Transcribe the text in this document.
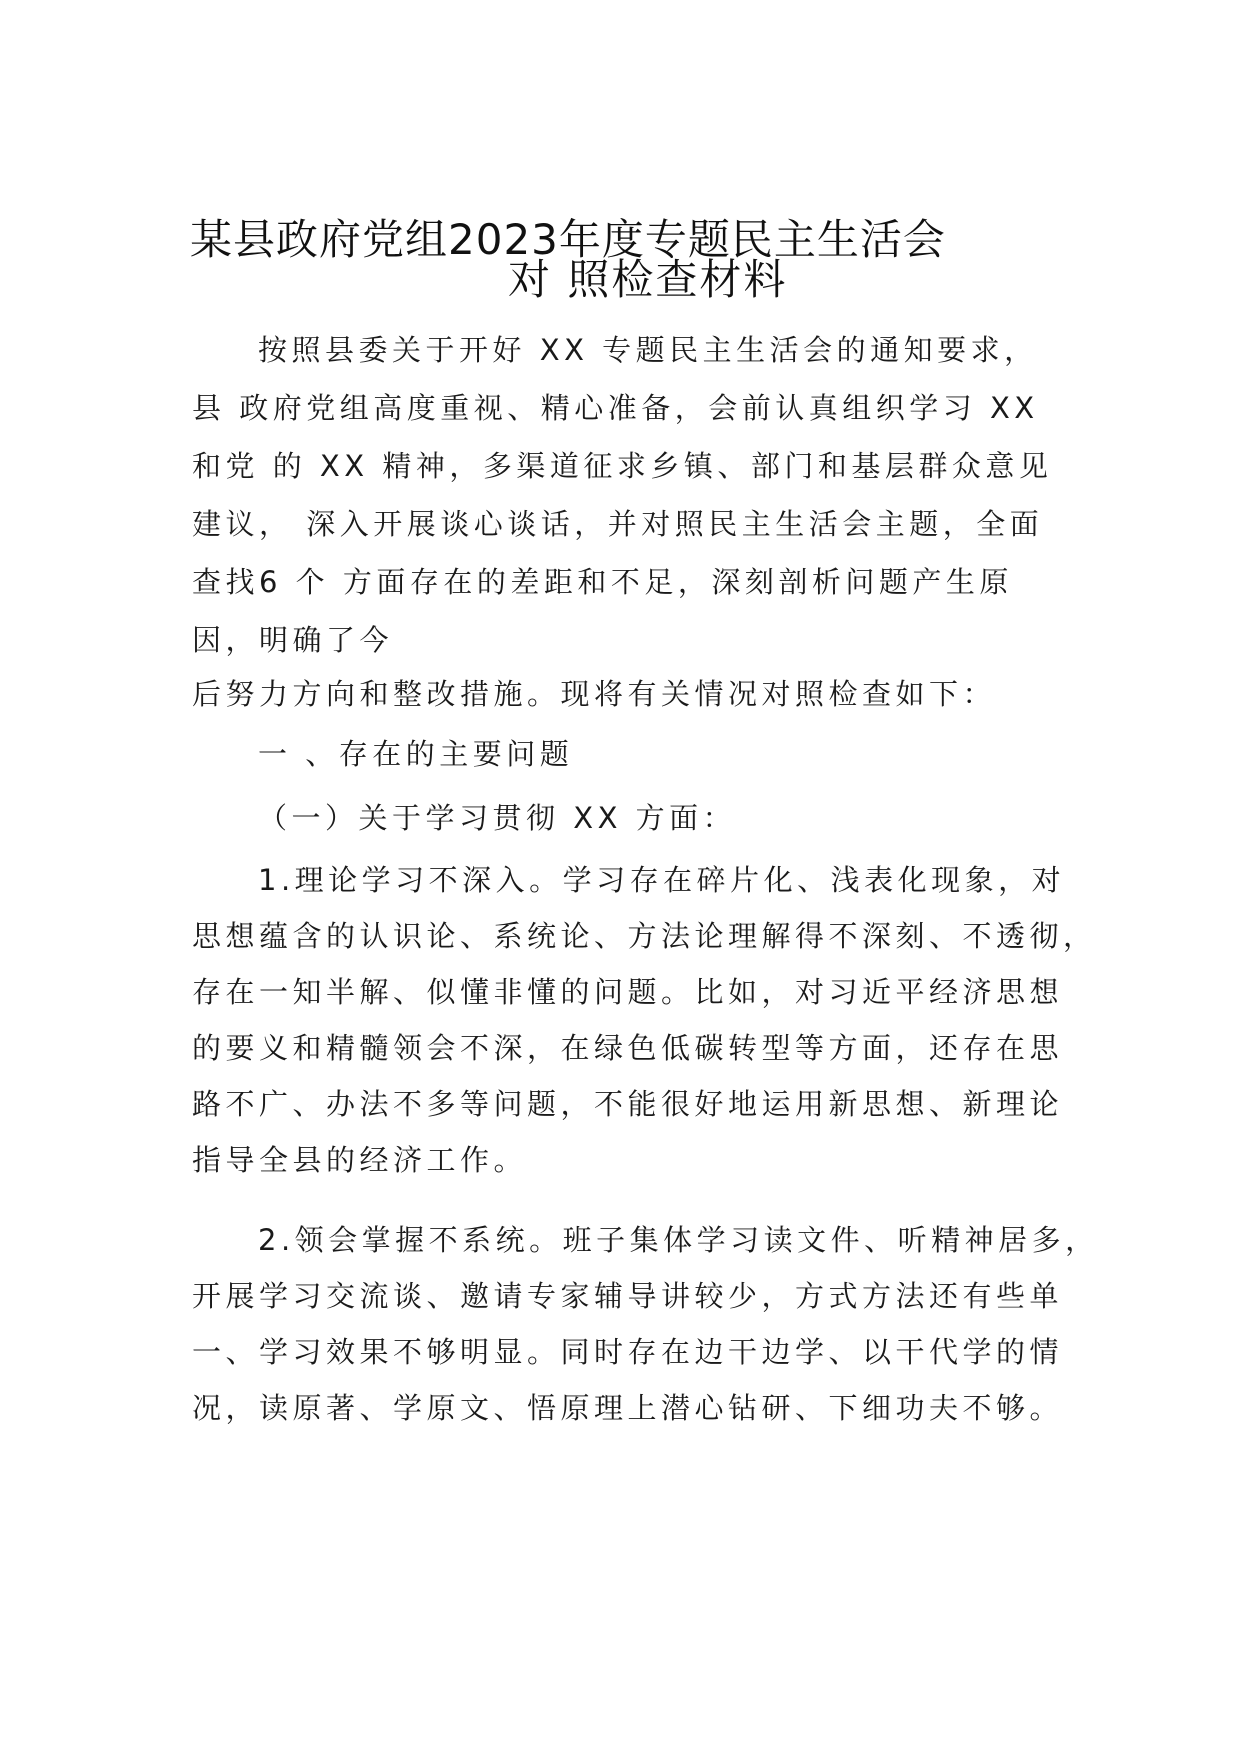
某县政府党组2023年度专题民主生活会
对 照检查材料
按照县委关于开好 XX 专题民主生活会的通知要求，
县 政府党组高度重视、精心准备，会前认真组织学习 XX
和党 的 XX 精神，多渠道征求乡镇、部门和基层群众意见
建议， 深入开展谈心谈话，并对照民主生活会主题，全面
查找6 个 方面存在的差距和不足，深刻剖析问题产生原
因，明确了今
后努力方向和整改措施。现将有关情况对照检查如下：
一 、存在的主要问题
（一）关于学习贯彻 XX 方面：
1.理论学习不深入。学习存在碎片化、浅表化现象，对
思想蕴含的认识论、系统论、方法论理解得不深刻、不透彻，
存在一知半解、似懂非懂的问题。比如，对习近平经济思想
的要义和精髓领会不深，在绿色低碳转型等方面，还存在思
路不广、办法不多等问题，不能很好地运用新思想、新理论
指导全县的经济工作。
2.领会掌握不系统。班子集体学习读文件、听精神居多，
开展学习交流谈、邀请专家辅导讲较少，方式方法还有些单
一、学习效果不够明显。同时存在边干边学、以干代学的情
况，读原著、学原文、悟原理上潜心钻研、下细功夫不够。
